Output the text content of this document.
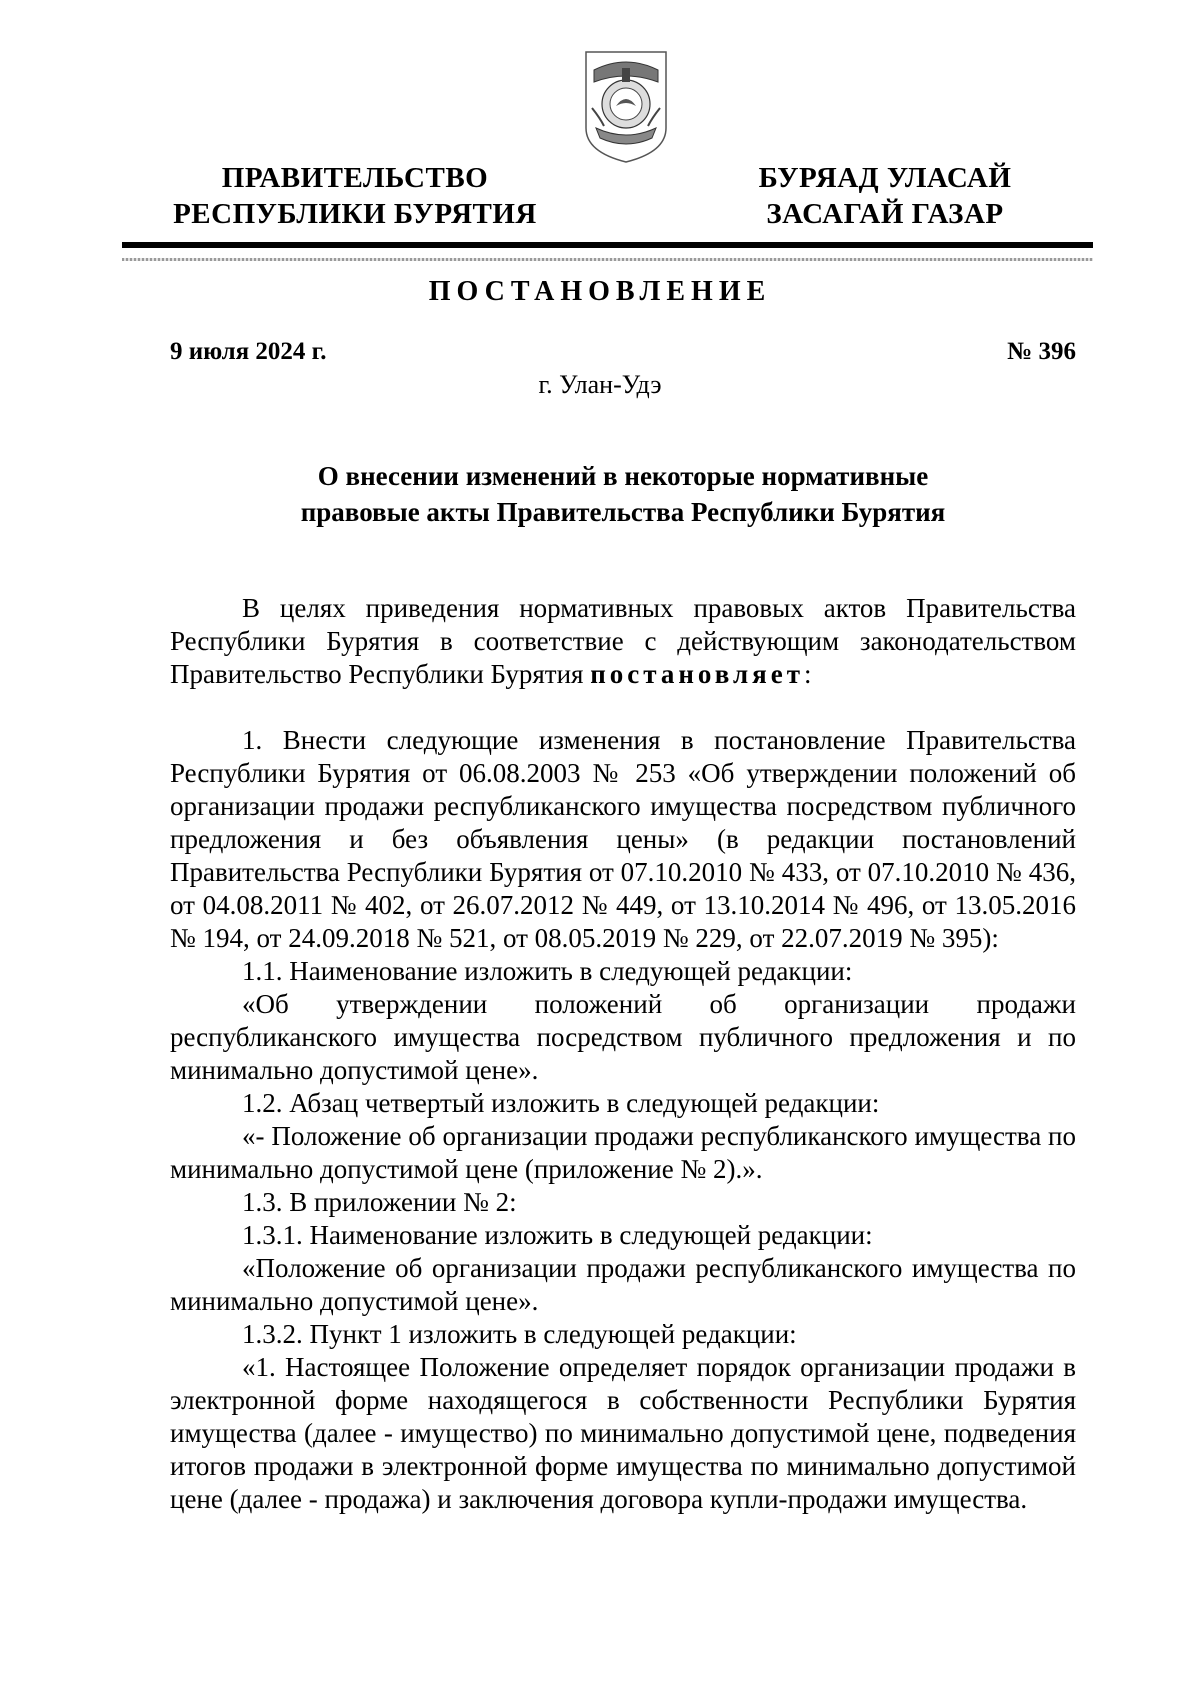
ПРАВИТЕЛЬСТВО
РЕСПУБЛИКИ БУРЯТИЯ
БУРЯАД УЛАСАЙ
ЗАСАГАЙ ГАЗАР
ПОСТАНОВЛЕНИЕ
9 июля 2024 г.	№ 396
г. Улан-Удэ
О внесении изменений в некоторые нормативные
правовые акты Правительства Республики Бурятия

В целях приведения нормативных правовых актов Правительства Республики Бурятия в соответствие с действующим законодательством Правительство Республики Бурятия постановляет:

1. Внести следующие изменения в постановление Правительства Республики Бурятия от 06.08.2003 № 253 «Об утверждении положений об организации продажи республиканского имущества посредством публичного предложения и без объявления цены» (в редакции постановлений Правительства Республики Бурятия от 07.10.2010 № 433, от 07.10.2010 № 436, от 04.08.2011 № 402, от 26.07.2012 № 449, от 13.10.2014 № 496, от 13.05.2016 № 194, от 24.09.2018 № 521, от 08.05.2019 № 229, от 22.07.2019 № 395):

1.1. Наименование изложить в следующей редакции:

«Об утверждении положений об организации продажи республиканского имущества посредством публичного предложения и по минимально допустимой цене».

1.2. Абзац четвертый изложить в следующей редакции:

«- Положение об организации продажи республиканского имущества по минимально допустимой цене (приложение № 2).».

1.3. В приложении № 2:

1.3.1. Наименование изложить в следующей редакции:

«Положение об организации продажи республиканского имущества по минимально допустимой цене».

1.3.2. Пункт 1 изложить в следующей редакции:

«1. Настоящее Положение определяет порядок организации продажи в электронной форме находящегося в собственности Республики Бурятия имущества (далее - имущество) по минимально допустимой цене, подведения итогов продажи в электронной форме имущества по минимально допустимой цене (далее - продажа) и заключения договора купли-продажи имущества.
